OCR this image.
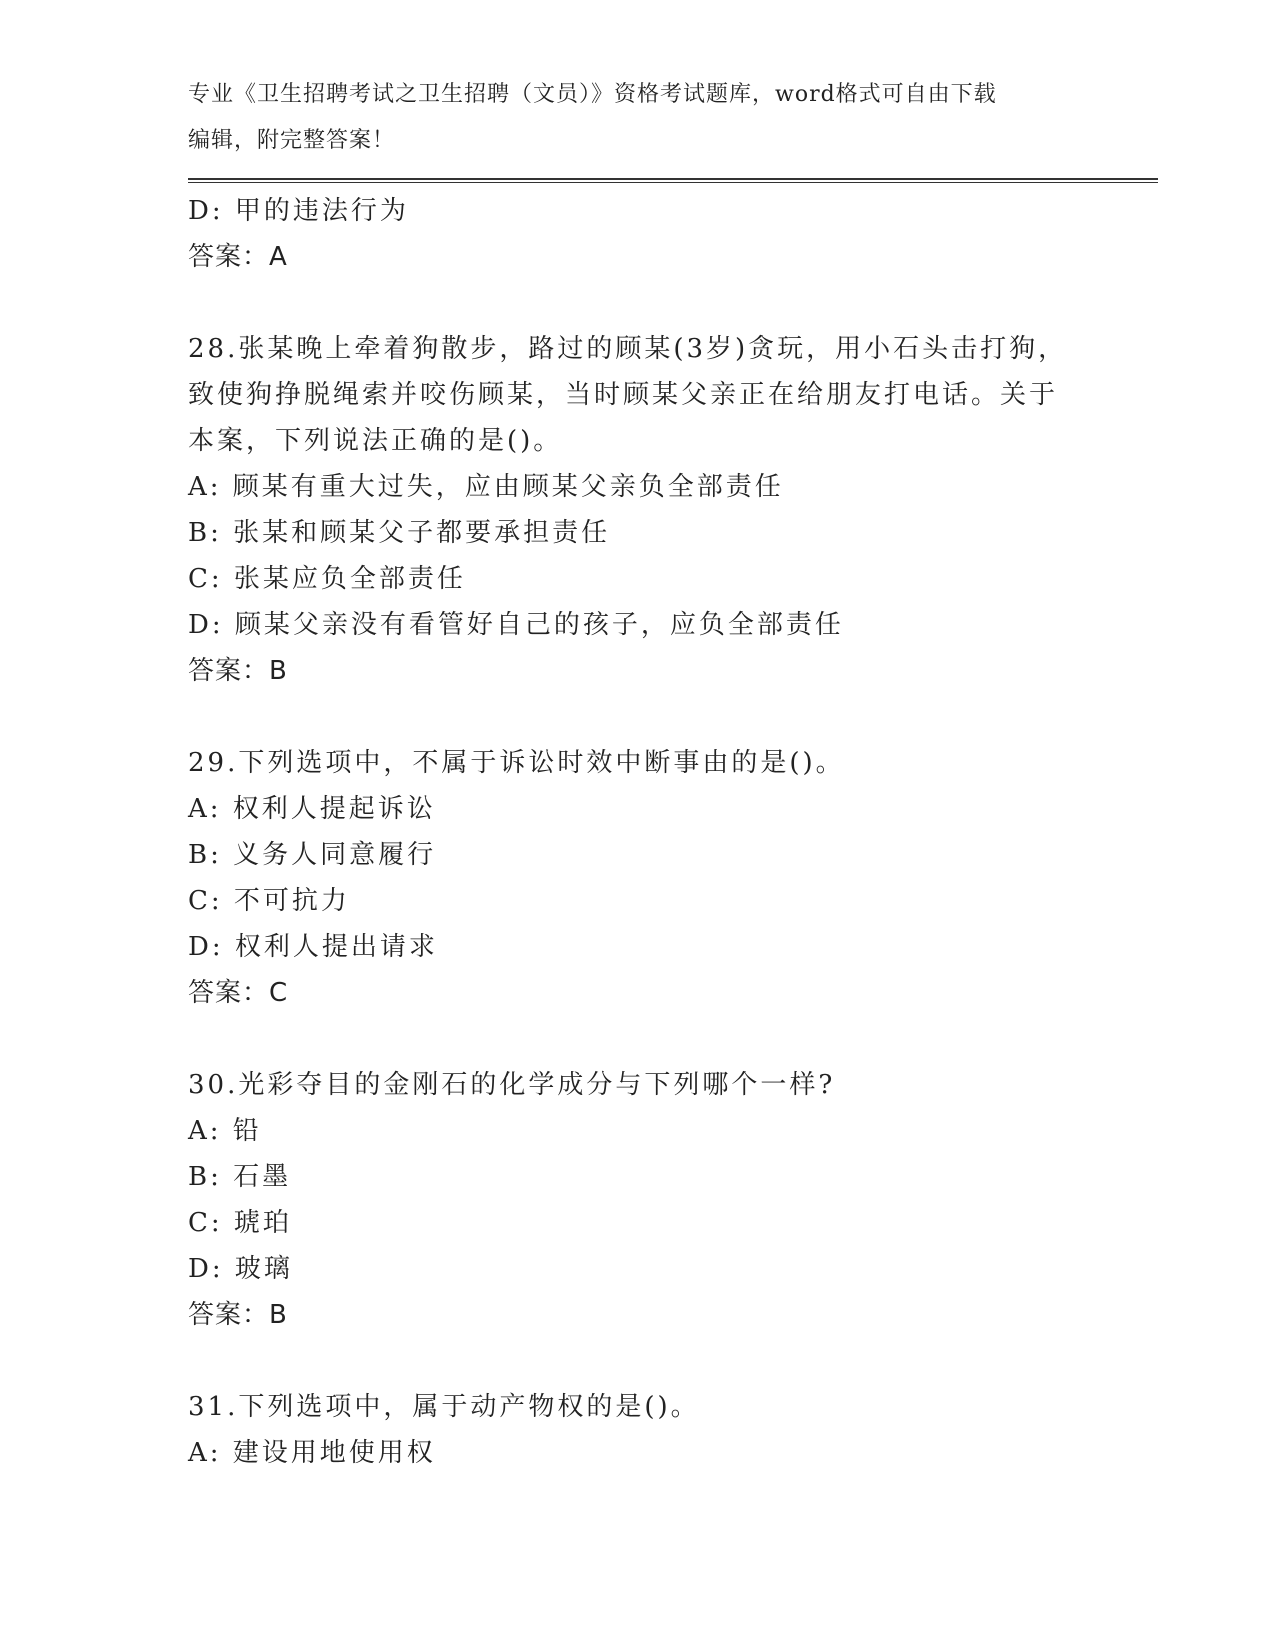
专业《卫生招聘考试之卫生招聘（文员）》资格考试题库，word格式可自由下载
编辑，附完整答案！
D: 甲的违法行为
答案：A
28.张某晚上牵着狗散步，路过的顾某(3岁)贪玩，用小石头击打狗，
致使狗挣脱绳索并咬伤顾某，当时顾某父亲正在给朋友打电话。关于
本案，下列说法正确的是()。
A: 顾某有重大过失，应由顾某父亲负全部责任
B: 张某和顾某父子都要承担责任
C: 张某应负全部责任
D: 顾某父亲没有看管好自己的孩子，应负全部责任
答案：B
29.下列选项中，不属于诉讼时效中断事由的是()。
A: 权利人提起诉讼
B: 义务人同意履行
C: 不可抗力
D: 权利人提出请求
答案：C
30.光彩夺目的金刚石的化学成分与下列哪个一样?
A: 铅
B: 石墨
C: 琥珀
D: 玻璃
答案：B
31.下列选项中，属于动产物权的是()。
A: 建设用地使用权
